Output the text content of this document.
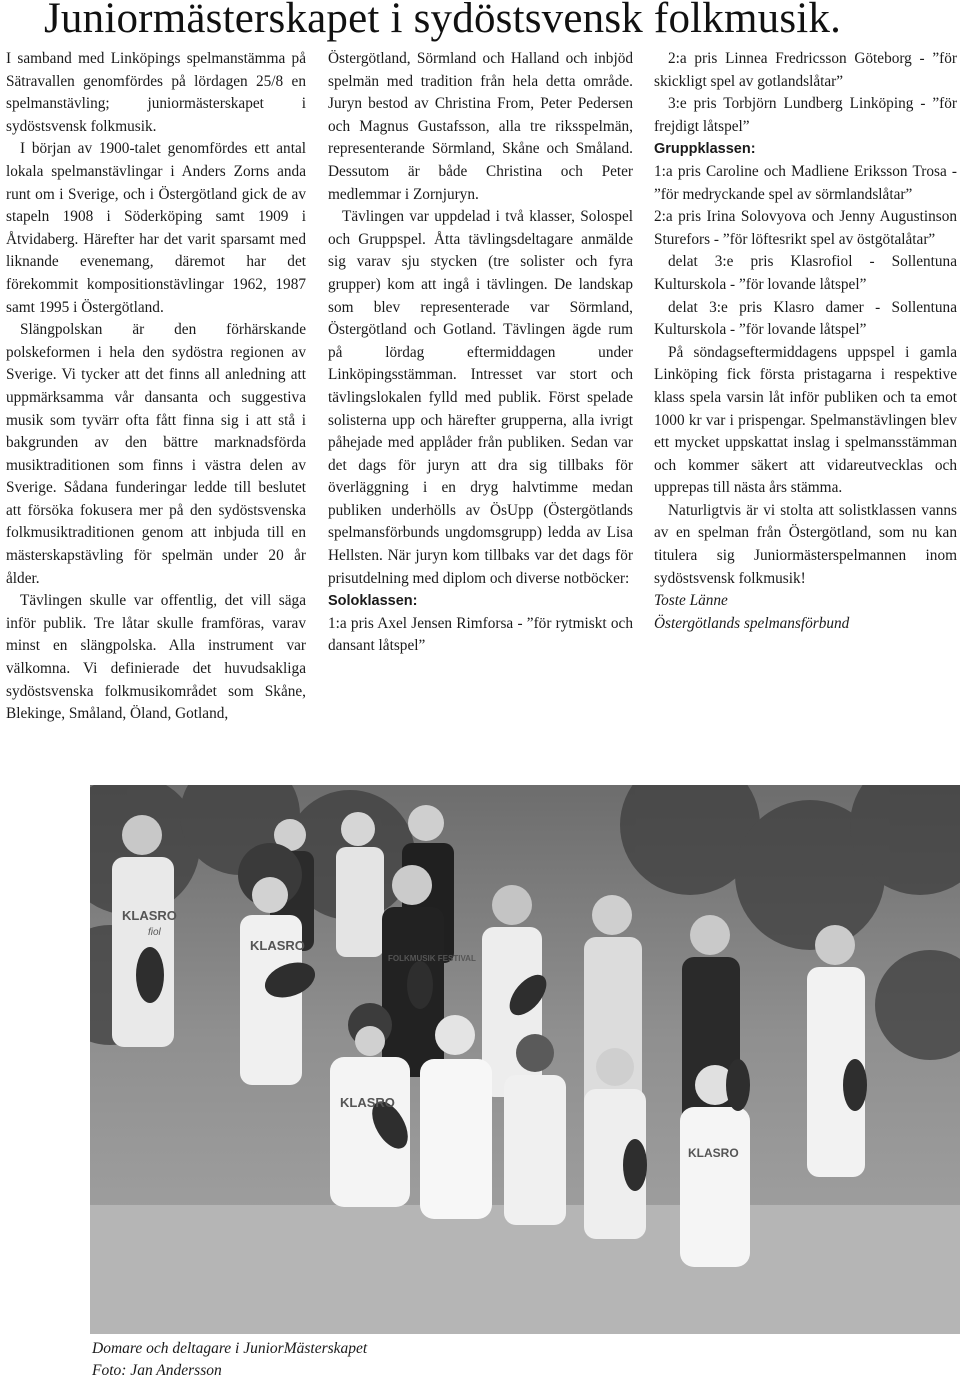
Juniormästerskapet i sydöstsvensk folkmusik.

I samband med Linköpings spelmanstämma på Sätravallen genomfördes på lördagen 25/8 en spelmanstävling; juniormästerskapet i sydöstsvensk folkmusik.

I början av 1900-talet genomfördes ett antal lokala spelmanstävlingar i Anders Zorns anda runt om i Sverige, och i Östergötland gick de av stapeln 1908 i Söderköping samt 1909 i Åtvidaberg. Härefter har det varit sparsamt med liknande evenemang, däremot har det förekommit kompositionstävlingar 1962, 1987 samt 1995 i Östergötland.

Slängpolskan är den förhärskande polskeformen i hela den sydöstra regionen av Sverige. Vi tycker att det finns all anledning att uppmärksamma vår dansanta och suggestiva musik som tyvärr ofta fått finna sig i att stå i bakgrunden av den bättre marknadsförda musiktraditionen som finns i västra delen av Sverige. Sådana funderingar ledde till beslutet att försöka fokusera mer på den sydöstsvenska folkmusiktraditionen genom att inbjuda till en mästerskapstävling för spelmän under 20 år ålder.

Tävlingen skulle var offentlig, det vill säga inför publik. Tre låtar skulle framföras, varav minst en slängpolska. Alla instrument var välkomna. Vi definierade det huvudsakliga sydöstsvenska folkmusikområdet som Skåne, Blekinge, Småland, Öland, Gotland,

Östergötland, Sörmland och Halland och inbjöd spelmän med tradition från hela detta område. Juryn bestod av Christina From, Peter Pedersen och Magnus Gustafsson, alla tre riksspelmän, representerande Sörmland, Skåne och Småland. Dessutom är både Christina och Peter medlemmar i Zornjuryn.

Tävlingen var uppdelad i två klasser, Solospel och Gruppspel. Åtta tävlingsdeltagare anmälde sig varav sju stycken (tre solister och fyra grupper) kom att ingå i tävlingen. De landskap som blev representerade var Sörmland, Östergötland och Gotland. Tävlingen ägde rum på lördag eftermiddagen under Linköpingsstämman. Intresset var stort och tävlingslokalen fylld med publik. Först spelade solisterna upp och härefter grupperna, alla ivrigt påhejade med applåder från publiken. Sedan var det dags för juryn att dra sig tillbaks för överläggning i en dryg halvtimme medan publiken underhölls av ÖsUpp (Östergötlands spelmansförbunds ungdomsgrupp) ledda av Lisa Hellsten. När juryn kom tillbaks var det dags för prisutdelning med diplom och diverse notböcker:

Soloklassen:

1:a pris Axel Jensen Rimforsa - ”för rytmiskt och dansant låtspel”

2:a pris Linnea Fredricsson Göteborg - ”för skickligt spel av gotlandslåtar”

3:e pris Torbjörn Lundberg Linköping - ”för frejdigt låtspel”

Gruppklassen:

1:a pris Caroline och Madliene Eriksson Trosa - ”för medryckande spel av sörmlandslåtar”

2:a pris Irina Solovyova och Jenny Augustinson Sturefors - ”för löftesrikt spel av östgötalåtar”

delat 3:e pris Klasrofiol - Sollentuna Kulturskola - ”för lovande låtspel”

delat 3:e pris Klasro damer - Sollentuna Kulturskola - ”för lovande låtspel”

På söndagseftermiddagens uppspel i gamla Linköping fick första pristagarna i respektive klass spela varsin låt inför publiken och ta emot 1000 kr var i prispengar. Spelmanstävlingen blev ett mycket uppskattat inslag i spelmansstämman och kommer säkert att vidareutvecklas och upprepas till nästa års stämma.

Naturligtvis är vi stolta att solistklassen vanns av en spelman från Östergötland, som nu kan titulera sig Juniormästerspelmannen inom sydöstsvensk folkmusik!

Toste Länne

Östergötlands spelmansförbund

KLASRO
KLASRO
KLASRO
KLASRO
fiol
FOLKMUSIK FESTIVAL
Domare och deltagare i JuniorMästerskapet
Foto: Jan Andersson
